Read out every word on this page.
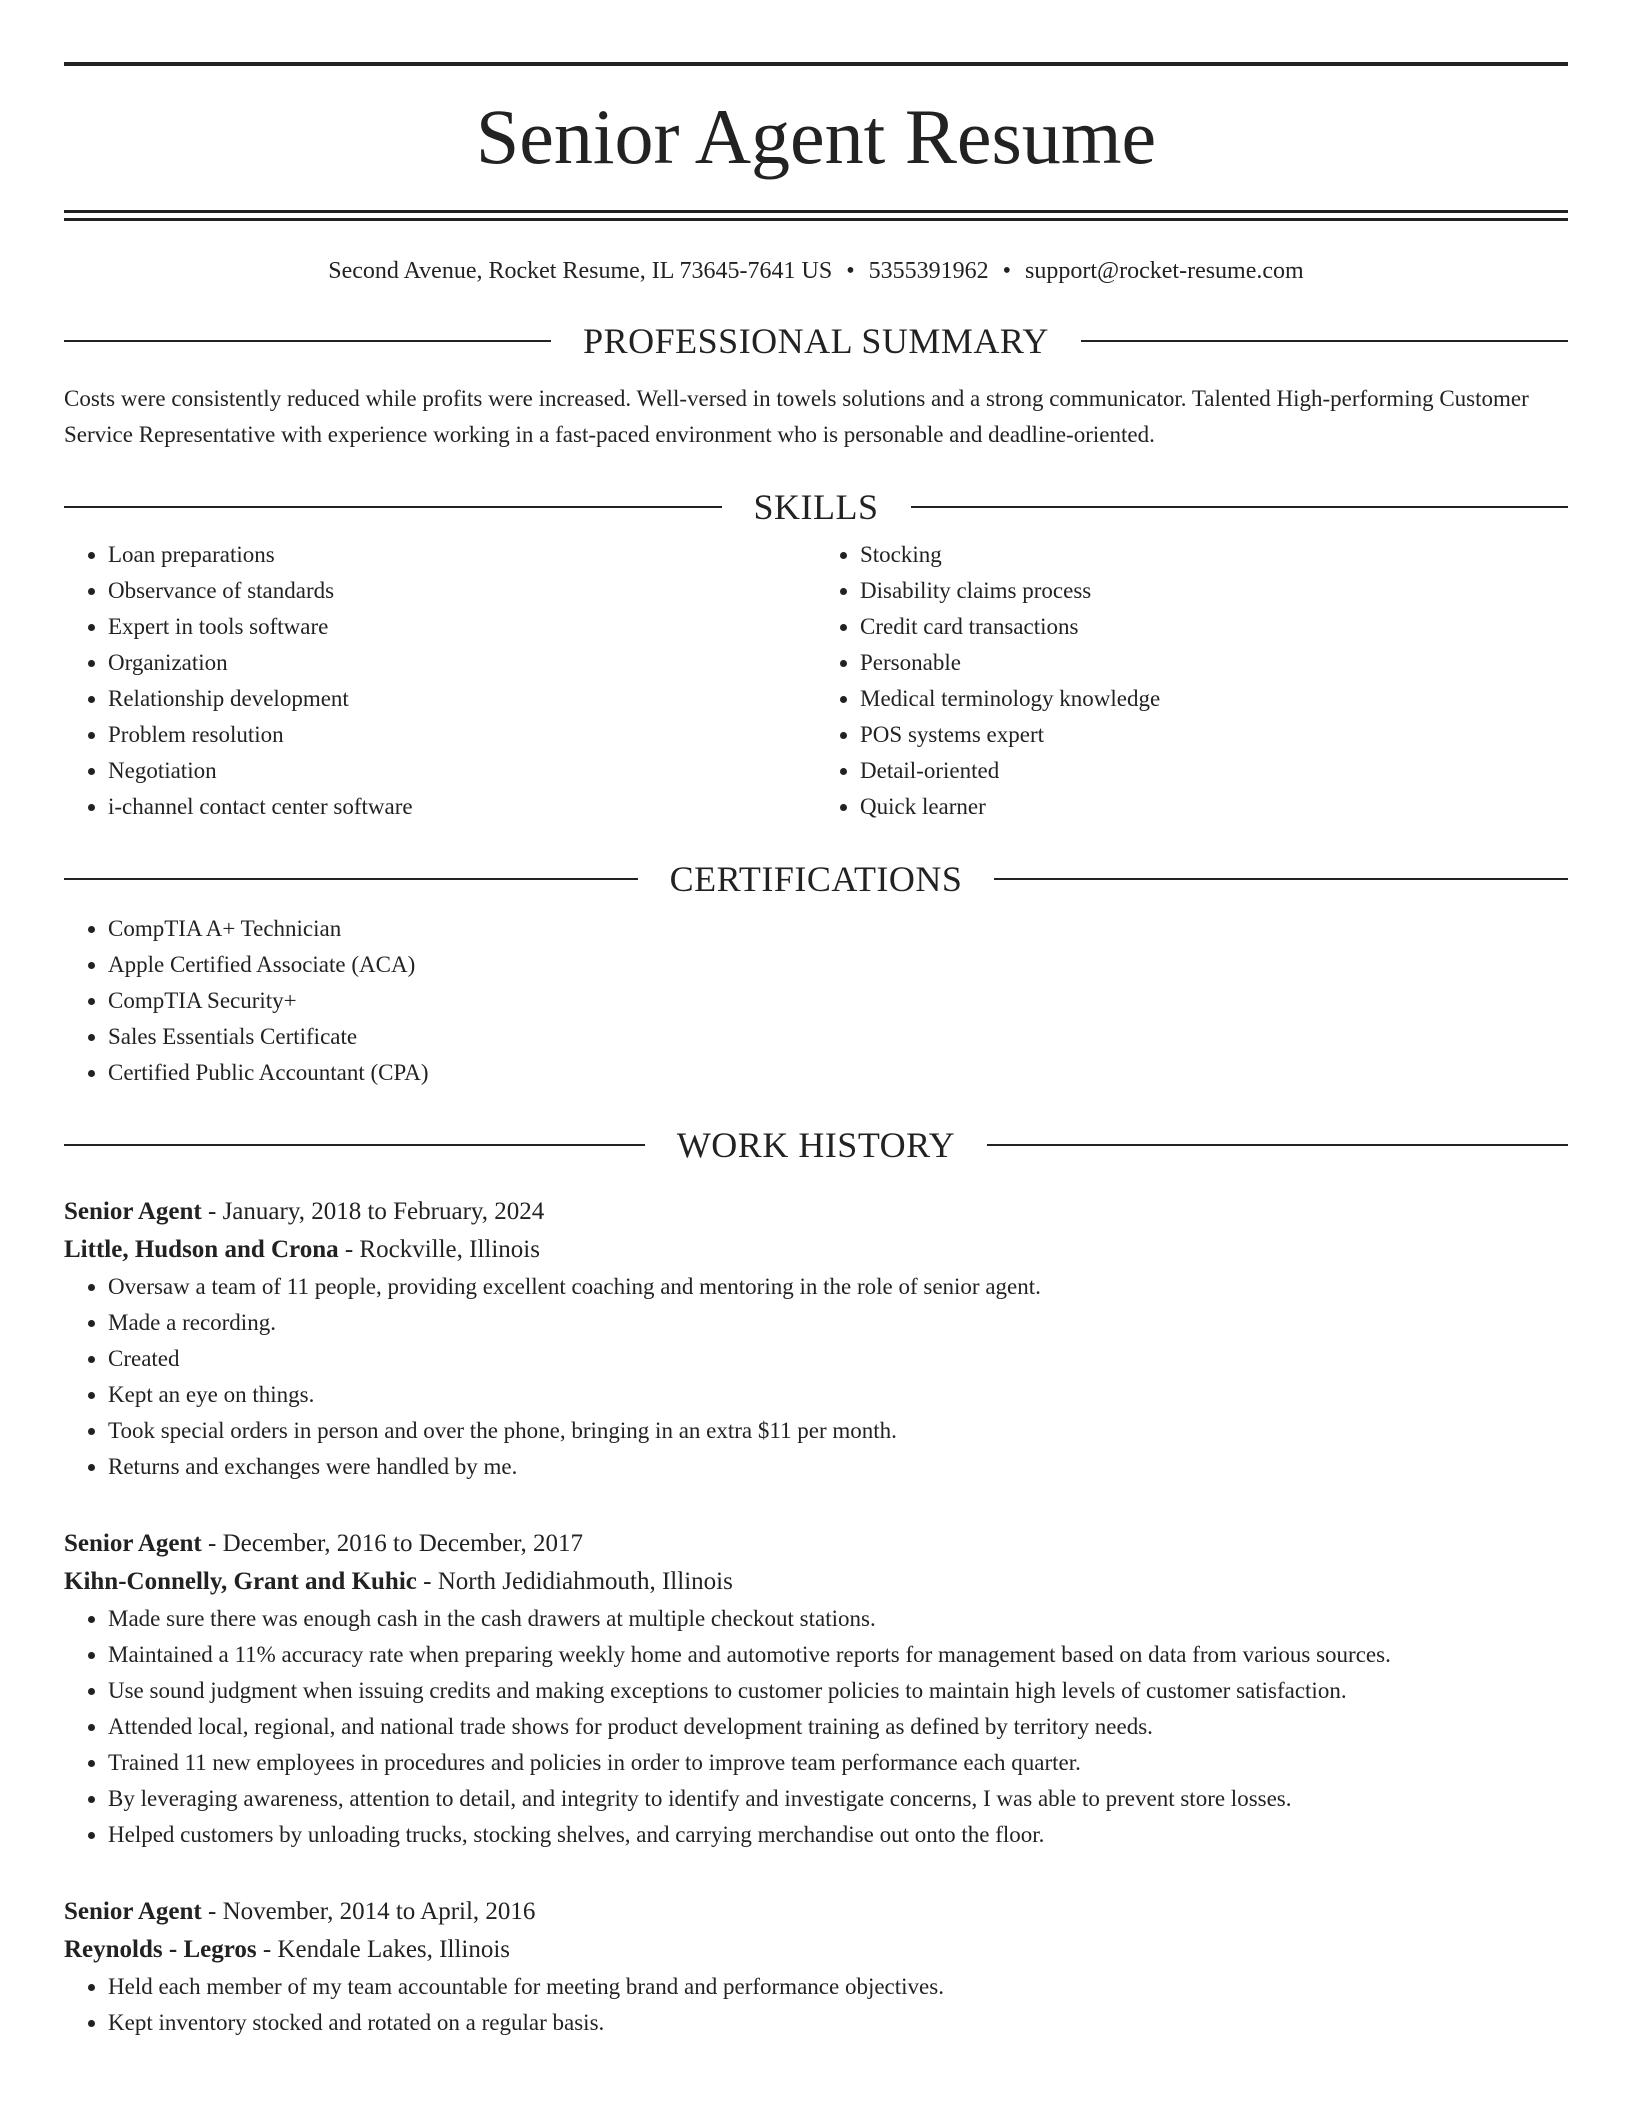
Senior Agent Resume
Second Avenue, Rocket Resume, IL 73645-7641 US • 5355391962 • support@rocket-resume.com
PROFESSIONAL SUMMARY
Costs were consistently reduced while profits were increased. Well-versed in towels solutions and a strong communicator. Talented High-performing Customer Service Representative with experience working in a fast-paced environment who is personable and deadline-oriented.
SKILLS
• Loan preparations
• Observance of standards
• Expert in tools software
• Organization
• Relationship development
• Problem resolution
• Negotiation
• i-channel contact center software
• Stocking
• Disability claims process
• Credit card transactions
• Personable
• Medical terminology knowledge
• POS systems expert
• Detail-oriented
• Quick learner
CERTIFICATIONS
• CompTIA A+ Technician
• Apple Certified Associate (ACA)
• CompTIA Security+
• Sales Essentials Certificate
• Certified Public Accountant (CPA)
WORK HISTORY
Senior Agent - January, 2018 to February, 2024
Little, Hudson and Crona - Rockville, Illinois
• Oversaw a team of 11 people, providing excellent coaching and mentoring in the role of senior agent.
• Made a recording.
• Created
• Kept an eye on things.
• Took special orders in person and over the phone, bringing in an extra $11 per month.
• Returns and exchanges were handled by me.
Senior Agent - December, 2016 to December, 2017
Kihn-Connelly, Grant and Kuhic - North Jedidiahmouth, Illinois
• Made sure there was enough cash in the cash drawers at multiple checkout stations.
• Maintained a 11% accuracy rate when preparing weekly home and automotive reports for management based on data from various sources.
• Use sound judgment when issuing credits and making exceptions to customer policies to maintain high levels of customer satisfaction.
• Attended local, regional, and national trade shows for product development training as defined by territory needs.
• Trained 11 new employees in procedures and policies in order to improve team performance each quarter.
• By leveraging awareness, attention to detail, and integrity to identify and investigate concerns, I was able to prevent store losses.
• Helped customers by unloading trucks, stocking shelves, and carrying merchandise out onto the floor.
Senior Agent - November, 2014 to April, 2016
Reynolds - Legros - Kendale Lakes, Illinois
• Held each member of my team accountable for meeting brand and performance objectives.
• Kept inventory stocked and rotated on a regular basis.
